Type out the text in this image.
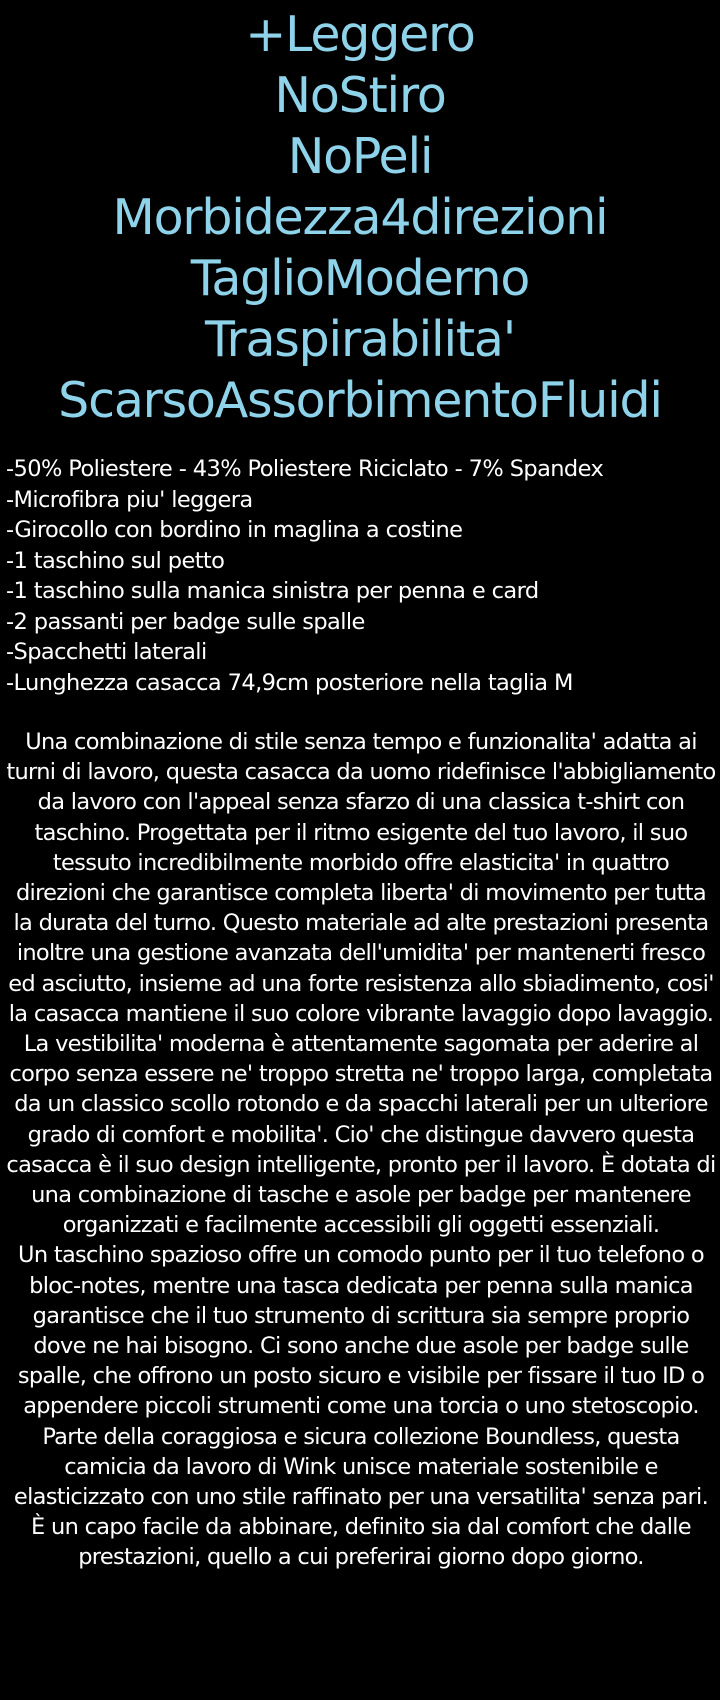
+Leggero
NoStiro
NoPeli
Morbidezza4direzioni
TaglioModerno
Traspirabilita'
ScarsoAssorbimentoFluidi
-50% Poliestere - 43% Poliestere Riciclato - 7% Spandex
-Microfibra piu' leggera
-Girocollo con bordino in maglina a costine
-1 taschino sul petto
-1 taschino sulla manica sinistra per penna e card
-2 passanti per badge sulle spalle
-Spacchetti laterali
-Lunghezza casacca 74,9cm posteriore nella taglia M

Una combinazione di stile senza tempo e funzionalita' adatta ai turni di lavoro, questa casacca da uomo ridefinisce l'abbigliamento da lavoro con l'appeal senza sfarzo di una classica t-shirt con taschino. Progettata per il ritmo esigente del tuo lavoro, il suo tessuto incredibilmente morbido offre elasticita' in quattro direzioni che garantisce completa liberta' di movimento per tutta la durata del turno. Questo materiale ad alte prestazioni presenta inoltre una gestione avanzata dell'umidita' per mantenerti fresco ed asciutto, insieme ad una forte resistenza allo sbiadimento, cosi' la casacca mantiene il suo colore vibrante lavaggio dopo lavaggio. La vestibilita' moderna è attentamente sagomata per aderire al corpo senza essere ne' troppo stretta ne' troppo larga, completata da un classico scollo rotondo e da spacchi laterali per un ulteriore grado di comfort e mobilita'. Cio' che distingue davvero questa casacca è il suo design intelligente, pronto per il lavoro. È dotata di una combinazione di tasche e asole per badge per mantenere organizzati e facilmente accessibili gli oggetti essenziali.

Un taschino spazioso offre un comodo punto per il tuo telefono o bloc-notes, mentre una tasca dedicata per penna sulla manica garantisce che il tuo strumento di scrittura sia sempre proprio dove ne hai bisogno. Ci sono anche due asole per badge sulle spalle, che offrono un posto sicuro e visibile per fissare il tuo ID o appendere piccoli strumenti come una torcia o uno stetoscopio. Parte della coraggiosa e sicura collezione Boundless, questa camicia da lavoro di Wink unisce materiale sostenibile e elasticizzato con uno stile raffinato per una versatilita' senza pari. È un capo facile da abbinare, definito sia dal comfort che dalle prestazioni, quello a cui preferirai giorno dopo giorno.
